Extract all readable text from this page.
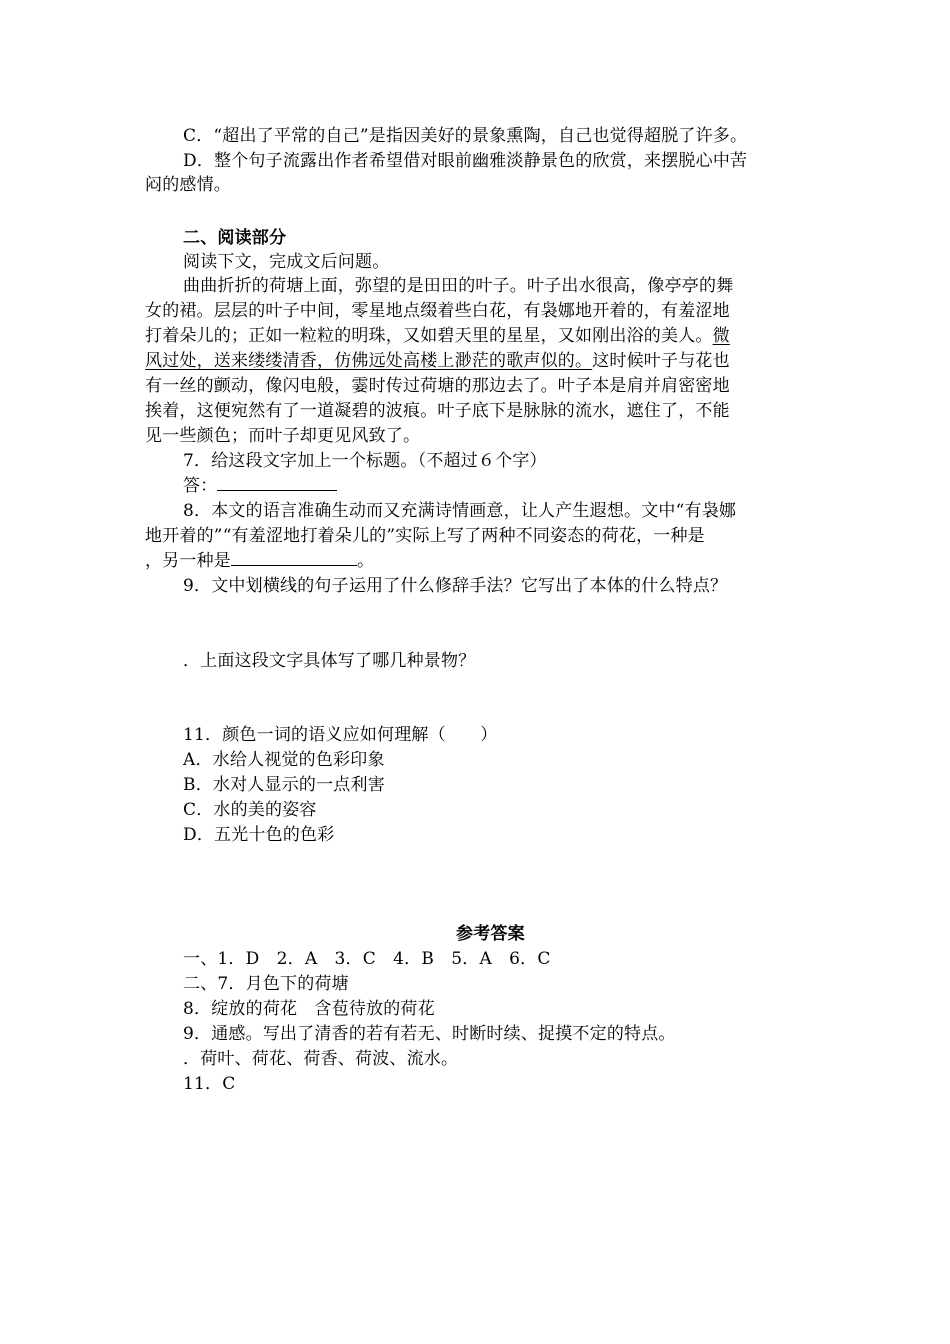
C．“超出了平常的自己”是指因美好的景象熏陶，自己也觉得超脱了许多。
D．整个句子流露出作者希望借对眼前幽雅淡静景色的欣赏，来摆脱心中苦
闷的感情。
二、阅读部分
阅读下文，完成文后问题。
曲曲折折的荷塘上面，弥望的是田田的叶子。叶子出水很高，像亭亭的舞
女的裙。层层的叶子中间，零星地点缀着些白花，有袅娜地开着的，有羞涩地
打着朵儿的；正如一粒粒的明珠，又如碧天里的星星，又如刚出浴的美人。微
风过处，送来缕缕清香，仿佛远处高楼上渺茫的歌声似的。这时候叶子与花也
有一丝的颤动，像闪电般，霎时传过荷塘的那边去了。叶子本是肩并肩密密地
挨着，这便宛然有了一道凝碧的波痕。叶子底下是脉脉的流水，遮住了，不能
见一些颜色；而叶子却更见风致了。
7．给这段文字加上一个标题。（不超过６个字）
答：
8．本文的语言准确生动而又充满诗情画意，让人产生遐想。文中“有袅娜
地开着的”“有羞涩地打着朵儿的”实际上写了两种不同姿态的荷花，一种是
，另一种是	。
9．文中划横线的句子运用了什么修辞手法？它写出了本体的什么特点？
．上面这段文字具体写了哪几种景物？
11．颜色一词的语义应如何理解（　　）
A．水给人视觉的色彩印象
B．水对人显示的一点利害
C．水的美的姿容
D．五光十色的色彩
参考答案
一、1．D　2．A　3．C　4．B　5．A　6．C
二、7．月色下的荷塘
8．绽放的荷花　含苞待放的荷花
9．通感。写出了清香的若有若无、时断时续、捉摸不定的特点。
．荷叶、荷花、荷香、荷波、流水。
11．C
